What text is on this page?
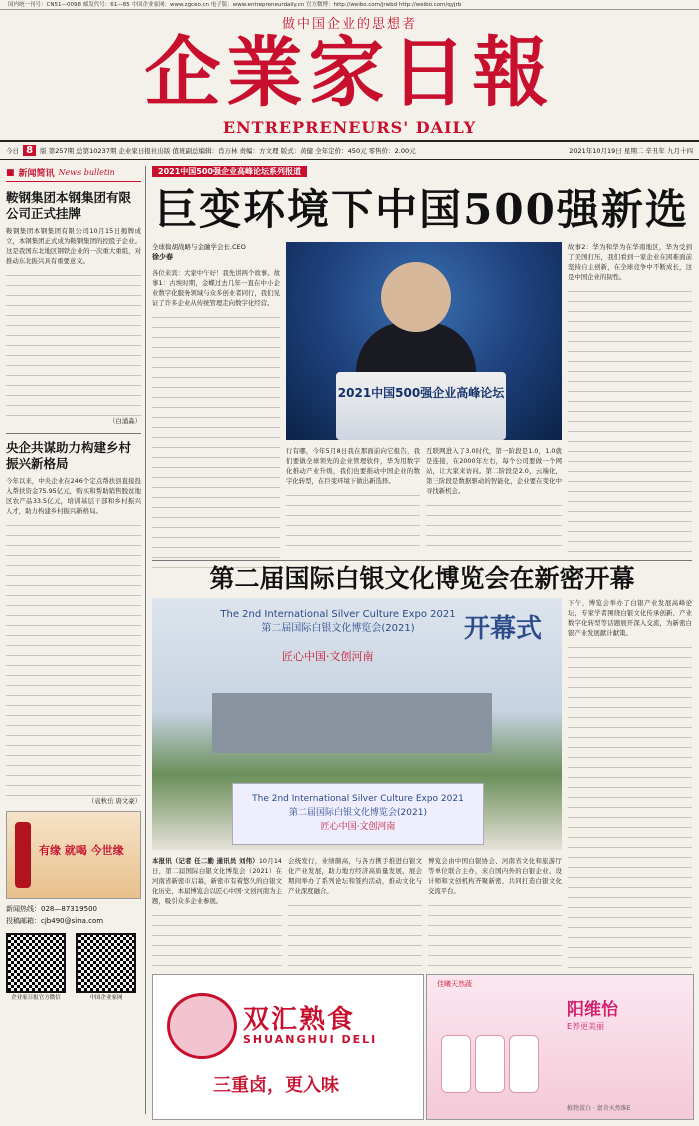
国内统一刊号：CN51—0098 邮发代号：61—85 中国企业家网：www.zgceo.cn 电子版：www.entrepreneurdaily.cn 官方微博：http://weibo.com/jrwbd http://weibo.com/qyjrb
做中国企业的思想者
企業家日報
ENTREPRENEURS' DAILY
今日 8 版 第257期 总第10237期 企业家日报社出版 值班副总编辑：肖万林 责编：方文理 版式：黄健 全年定价：450元 零售价：2.00元	2021年10月19日 星期二 辛丑年 九月十四
■ 新闻简讯 News bulletin
鞍钢集团本钢集团有限公司正式挂牌
鞍钢集团本钢集团有限公司10月15日揭牌成立，本钢集团正式成为鞍钢集团的控股子企业。这是我国东北地区钢铁企业的一次重大重组，对推动东北振兴具有重要意义。
（白涌淼）
央企共谋助力构建乡村振兴新格局
今年以来，中央企业在246个定点帮扶县直接投入帮扶资金75.95亿元，购买和帮助销售脱贫地区农产品33.5亿元，培训基层干部和乡村振兴人才，助力构建乡村振兴新格局。
（袁秋岳 唐文豪）
有缘 就喝 今世缘
新闻热线：028—87319500
投稿邮箱：cjb490@sina.com
企业家日报官方微信	中国企业家网
2021中国500强企业高峰论坛系列报道
巨变环境下中国500强新选
全球捣胡战略与金融学会长.CEO
徐少春
各位来宾：大家中午好！我先讲两个故事。故事1：古埃时期，金蝶过去几年一直在中小企业数字化服务领域与众多创业者同行，我们见证了许多企业从传统管理走向数字化经营。
2021中国500强企业高峰论坛
故事2：华为和华为在华南地区，华为受到了美国打压，我们看到一家企业在困难面前坚持自主创新，在全球竞争中不断成长，这是中国企业的韧性。
行有哪，今年5月8日我在那面前向它报告，我们要做全球领先的企业管理软件，华为用数字化推动产业升级，我们也要推动中国企业的数字化转型，在巨变环境下做出新选择。
互联网进入了3.0时代，第一阶段是1.0，1.0就是连接，在2000年左右，每个公司要做一个网站，让大家来访问。第二阶段是2.0，云端化，第三阶段是数据驱动的智能化，企业要在变化中寻找新机会。
第二届国际白银文化博览会在新密开幕
The 2nd International Silver Culture Expo 2021
第二届国际白银文化博览会(2021)	开幕式
匠心中国·文创河南
The 2nd International Silver Culture Expo 2021
第二届国际白银文化博览会(2021)
匠心中国·文创河南
下午，博览会举办了白银产业发展高峰论坛，专家学者围绕白银文化传承创新、产业数字化转型等话题展开深入交流，为新密白银产业发展献计献策。
本报讯（记者 任二勤 通讯员 刘伟）10月14日，第二届国际白银文化博览会（2021）在河南省新密市启幕，新密市有着悠久的白银文化历史，本届博览会以匠心中国·文创河南为主题，吸引众多企业参展。
会统发行，业绩颇高，与各方携手推进白银文化产业发展，助力地方经济高质量发展，展会期间举办了系列论坛和签约活动，推动文化与产业深度融合。
博览会由中国白银协会、河南省文化和旅游厅等单位联合主办，来自国内外的白银企业、设计师和文创机构齐聚新密，共同打造白银文化交流平台。
双汇熟食
SHUANGHUI DELI
三重卤，更入味
佳曦天然蔬
阳维怡
E养更美丽
植物蛋白 · 富含天然维E
